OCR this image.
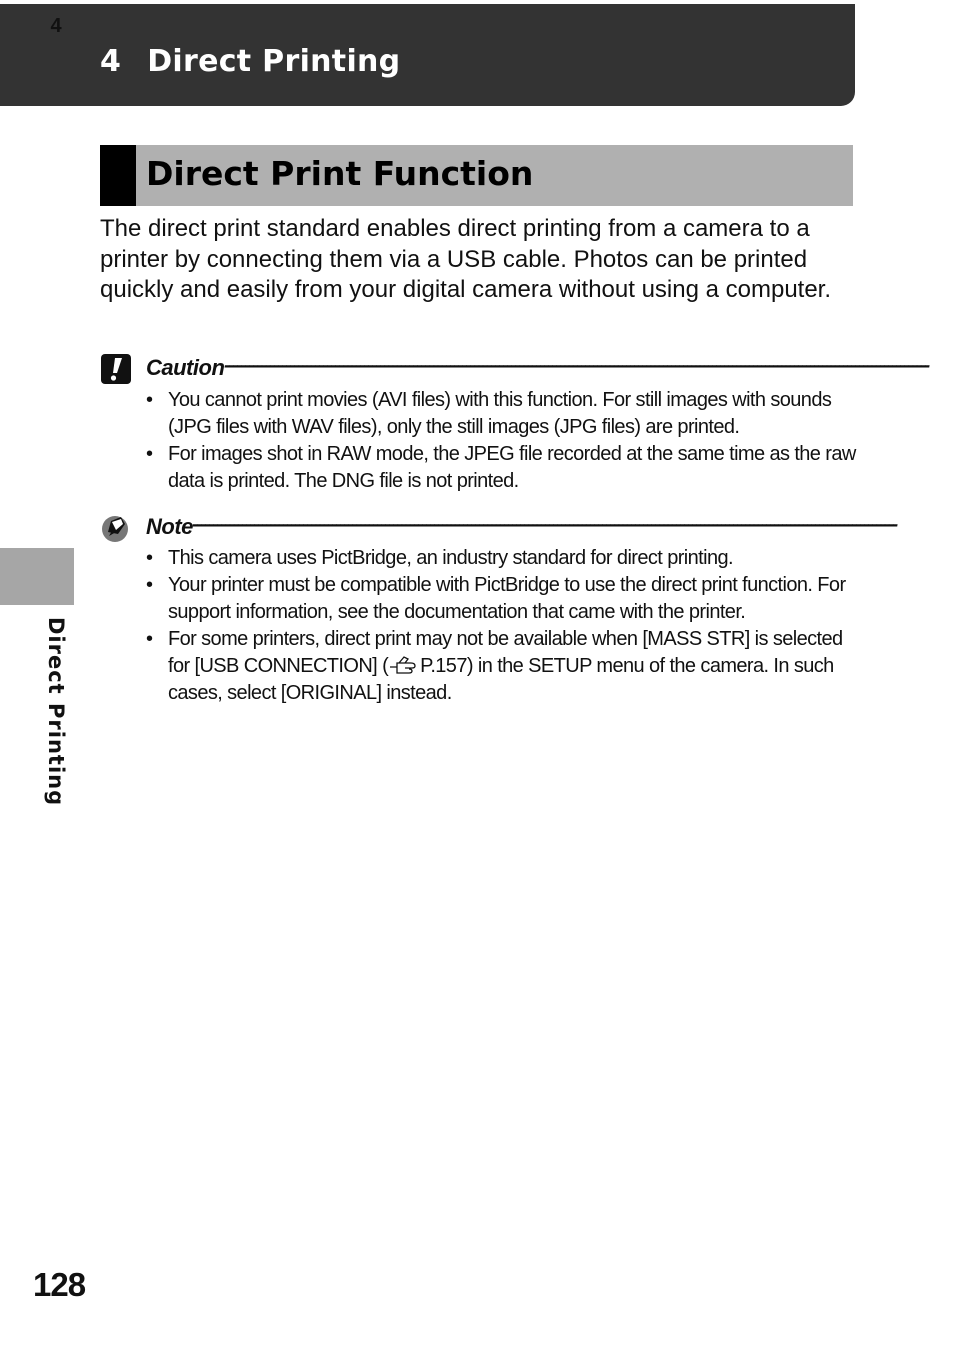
4 Direct Printing
Direct Print Function

The direct print standard enables direct printing from a camera to a printer by connecting them via a USB cable. Photos can be printed quickly and easily from your digital camera without using a computer.

Caution ----------------------------------------------------------------------------------------------------------------------------------------------------------------------------
• You cannot print movies (AVI files) with this function. For still images with sounds (JPG files with WAV files), only the still images (JPG files) are printed.
• For images shot in RAW mode, the JPEG file recorded at the same time as the raw data is printed. The DNG file is not printed.
Note ----------------------------------------------------------------------------------------------------------------------------------------------------------------------------
• This camera uses PictBridge, an industry standard for direct printing.
• Your printer must be compatible with PictBridge to use the direct print function. For support information, see the documentation that came with the printer.
• For some printers, direct print may not be available when [MASS STR] is selected for [USB CONNECTION] ( P.157) in the SETUP menu of the camera. In such cases, select [ORIGINAL] instead.
4
Direct Printing
128
